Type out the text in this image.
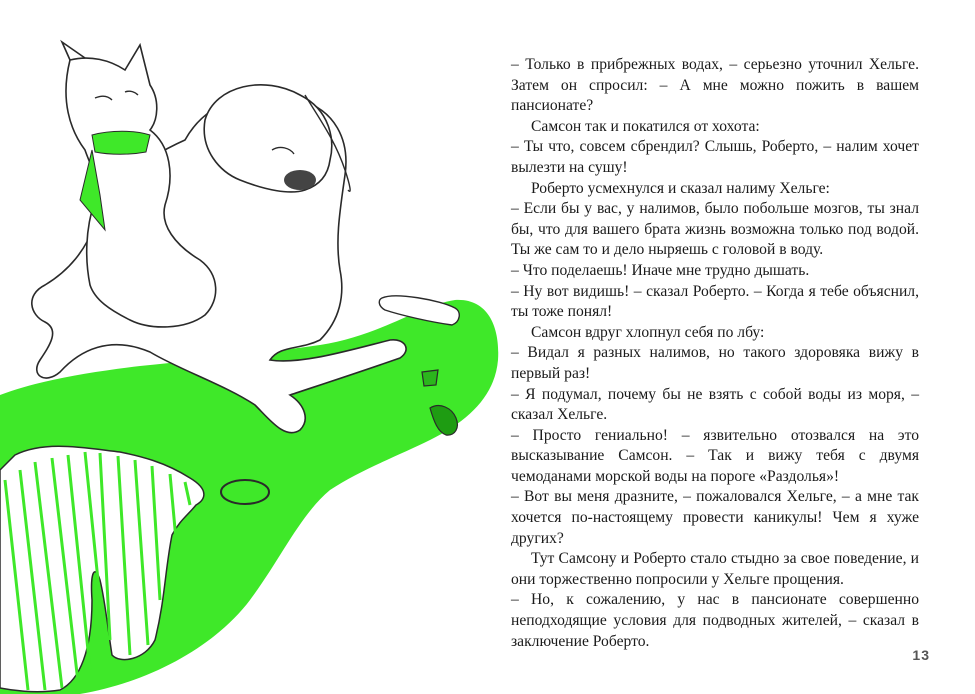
– Только в прибрежных водах, – серьезно уточнил Хельге. Затем он спросил: – А мне можно пожить в вашем пансионате?

Самсон так и покатился от хохота:

– Ты что, совсем сбрендил? Слышь, Роберто, – налим хочет вылезти на сушу!

Роберто усмехнулся и сказал налиму Хельге:

– Если бы у вас, у налимов, было побольше мозгов, ты знал бы, что для вашего брата жизнь возможна только под водой. Ты же сам то и дело ныряешь с головой в воду.

– Что поделаешь! Иначе мне трудно дышать.

– Ну вот видишь! – сказал Роберто. – Когда я тебе объяснил, ты тоже понял!

Самсон вдруг хлопнул себя по лбу:

– Видал я разных налимов, но такого здоровяка вижу в первый раз!

– Я подумал, почему бы не взять с собой воды из моря, – сказал Хельге.

– Просто гениально! – язвительно отозвался на это высказывание Самсон. – Так и вижу тебя с двумя чемоданами морской воды на пороге «Раздолья»!

– Вот вы меня дразните, – пожаловался Хельге, – а мне так хочется по-настоящему провести каникулы! Чем я хуже других?

Тут Самсону и Роберто стало стыдно за свое поведение, и они торжественно попросили у Хельге прощения.

– Но, к сожалению, у нас в пансионате совершенно неподходящие условия для подводных жителей, – сказал в заключение Роберто.

13
